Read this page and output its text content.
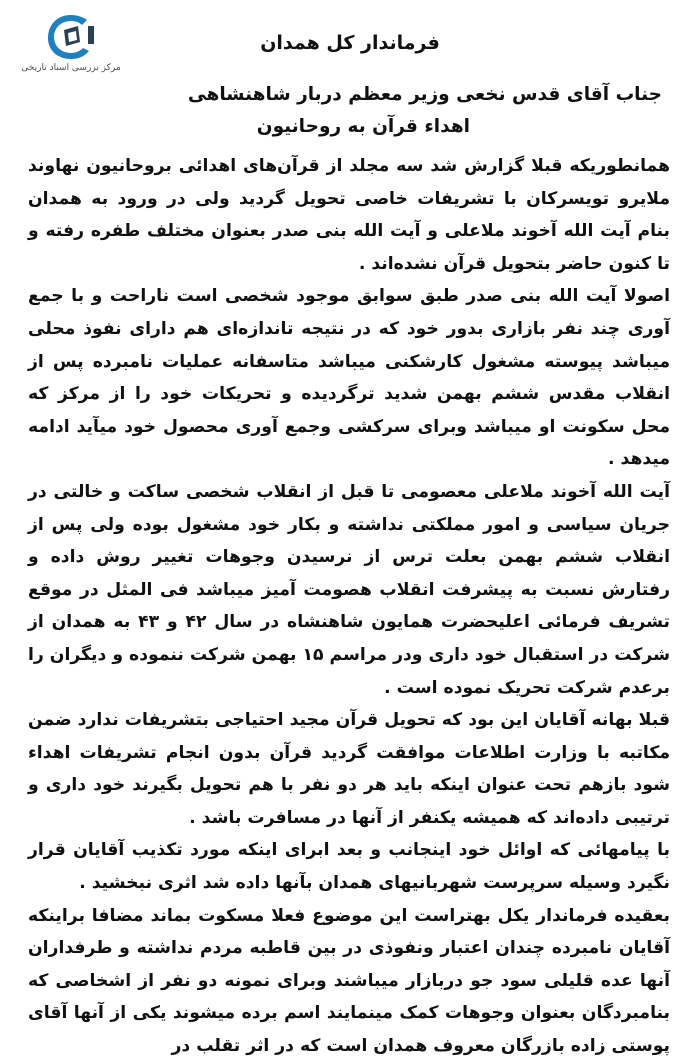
مرکز بررسی اسناد تاریخی
فرماندار کل همدان
جناب آقای قدس نخعی وزیر معظم دربار شاهنشاهی
اهداء قرآن به روحانیون

همانطوریکه قبلا گزارش شد سه مجلد از قرآن‌های اهدائی بروحانیون نهاوند ملایرو تویسرکان با تشریفات خاصی تحویل گردید ولی در ورود به همدان بنام آیت الله آخوند ملاعلی و آیت الله بنی صدر بعنوان مختلف طفره رفته و تا کنون حاضر بتحویل قرآن نشده‌اند .

اصولا آیت الله بنی صدر طبق سوابق موجود شخصی است ناراحت و با جمع آوری چند نفر بازاری بدور خود که در نتیجه تاندازه‌ای هم دارای نفوذ محلی میباشد پیوسته مشغول کارشکنی میباشد متاسفانه عملیات نامبرده پس از انقلاب مقدس ششم بهمن شدید ترگردیده و تحریکات خود را از مرکز که محل سکونت او میباشد وبرای سرکشی وجمع آوری محصول خود میآید ادامه میدهد .

آیت الله آخوند ملاعلی معصومی تا قبل از انقلاب شخصی ساکت و خالتی در جریان سیاسی و امور مملکتی نداشته و بکار خود مشغول بوده ولی پس از انقلاب ششم بهمن بعلت ترس از نرسیدن وجوهات تغییر روش داده و رفتارش نسبت به پیشرفت انقلاب هصومت آمیز میباشد فی المثل در موقع تشریف فرمائی اعلیحضرت همایون شاهنشاه در سال ۴۲ و ۴۳ به همدان از شرکت در استقبال خود داری ودر مراسم ۱۵ بهمن شرکت ننموده و دیگران را برعدم شرکت تحریک نموده است .

قبلا بهانه آقایان این بود که تحویل قرآن مجید احتیاجی بتشریفات ندارد ضمن مکاتبه با وزارت اطلاعات موافقت گردید قرآن بدون انجام تشریفات اهداء شود بازهم تحت عنوان اینکه باید هر دو نفر با هم تحویل بگیرند خود داری و ترتیبی داده‌اند که همیشه یکنفر از آنها در مسافرت باشد .

با پیامهائی که اوائل خود اینجانب و بعد ابرای اینکه مورد تکذیب آقایان قرار نگیرد وسیله سرپرست شهربانیهای همدان بآنها داده شد اثری نبخشید .

بعقیده فرماندار یکل بهتراست این موضوع فعلا مسکوت بماند مضافا براینکه آقایان نامبرده چندان اعتبار ونفوذی در بین قاطبه مردم نداشته و طرفداران آنها عده قلیلی سود جو دربازار میباشند وبرای نمونه دو نفر از اشخاصی که بنامبردگان بعنوان وجوهات کمک مینمایند اسم برده میشوند یکی از آنها آقای پوستی زاده بازرگان معروف همدان است که در اثر تقلب در
